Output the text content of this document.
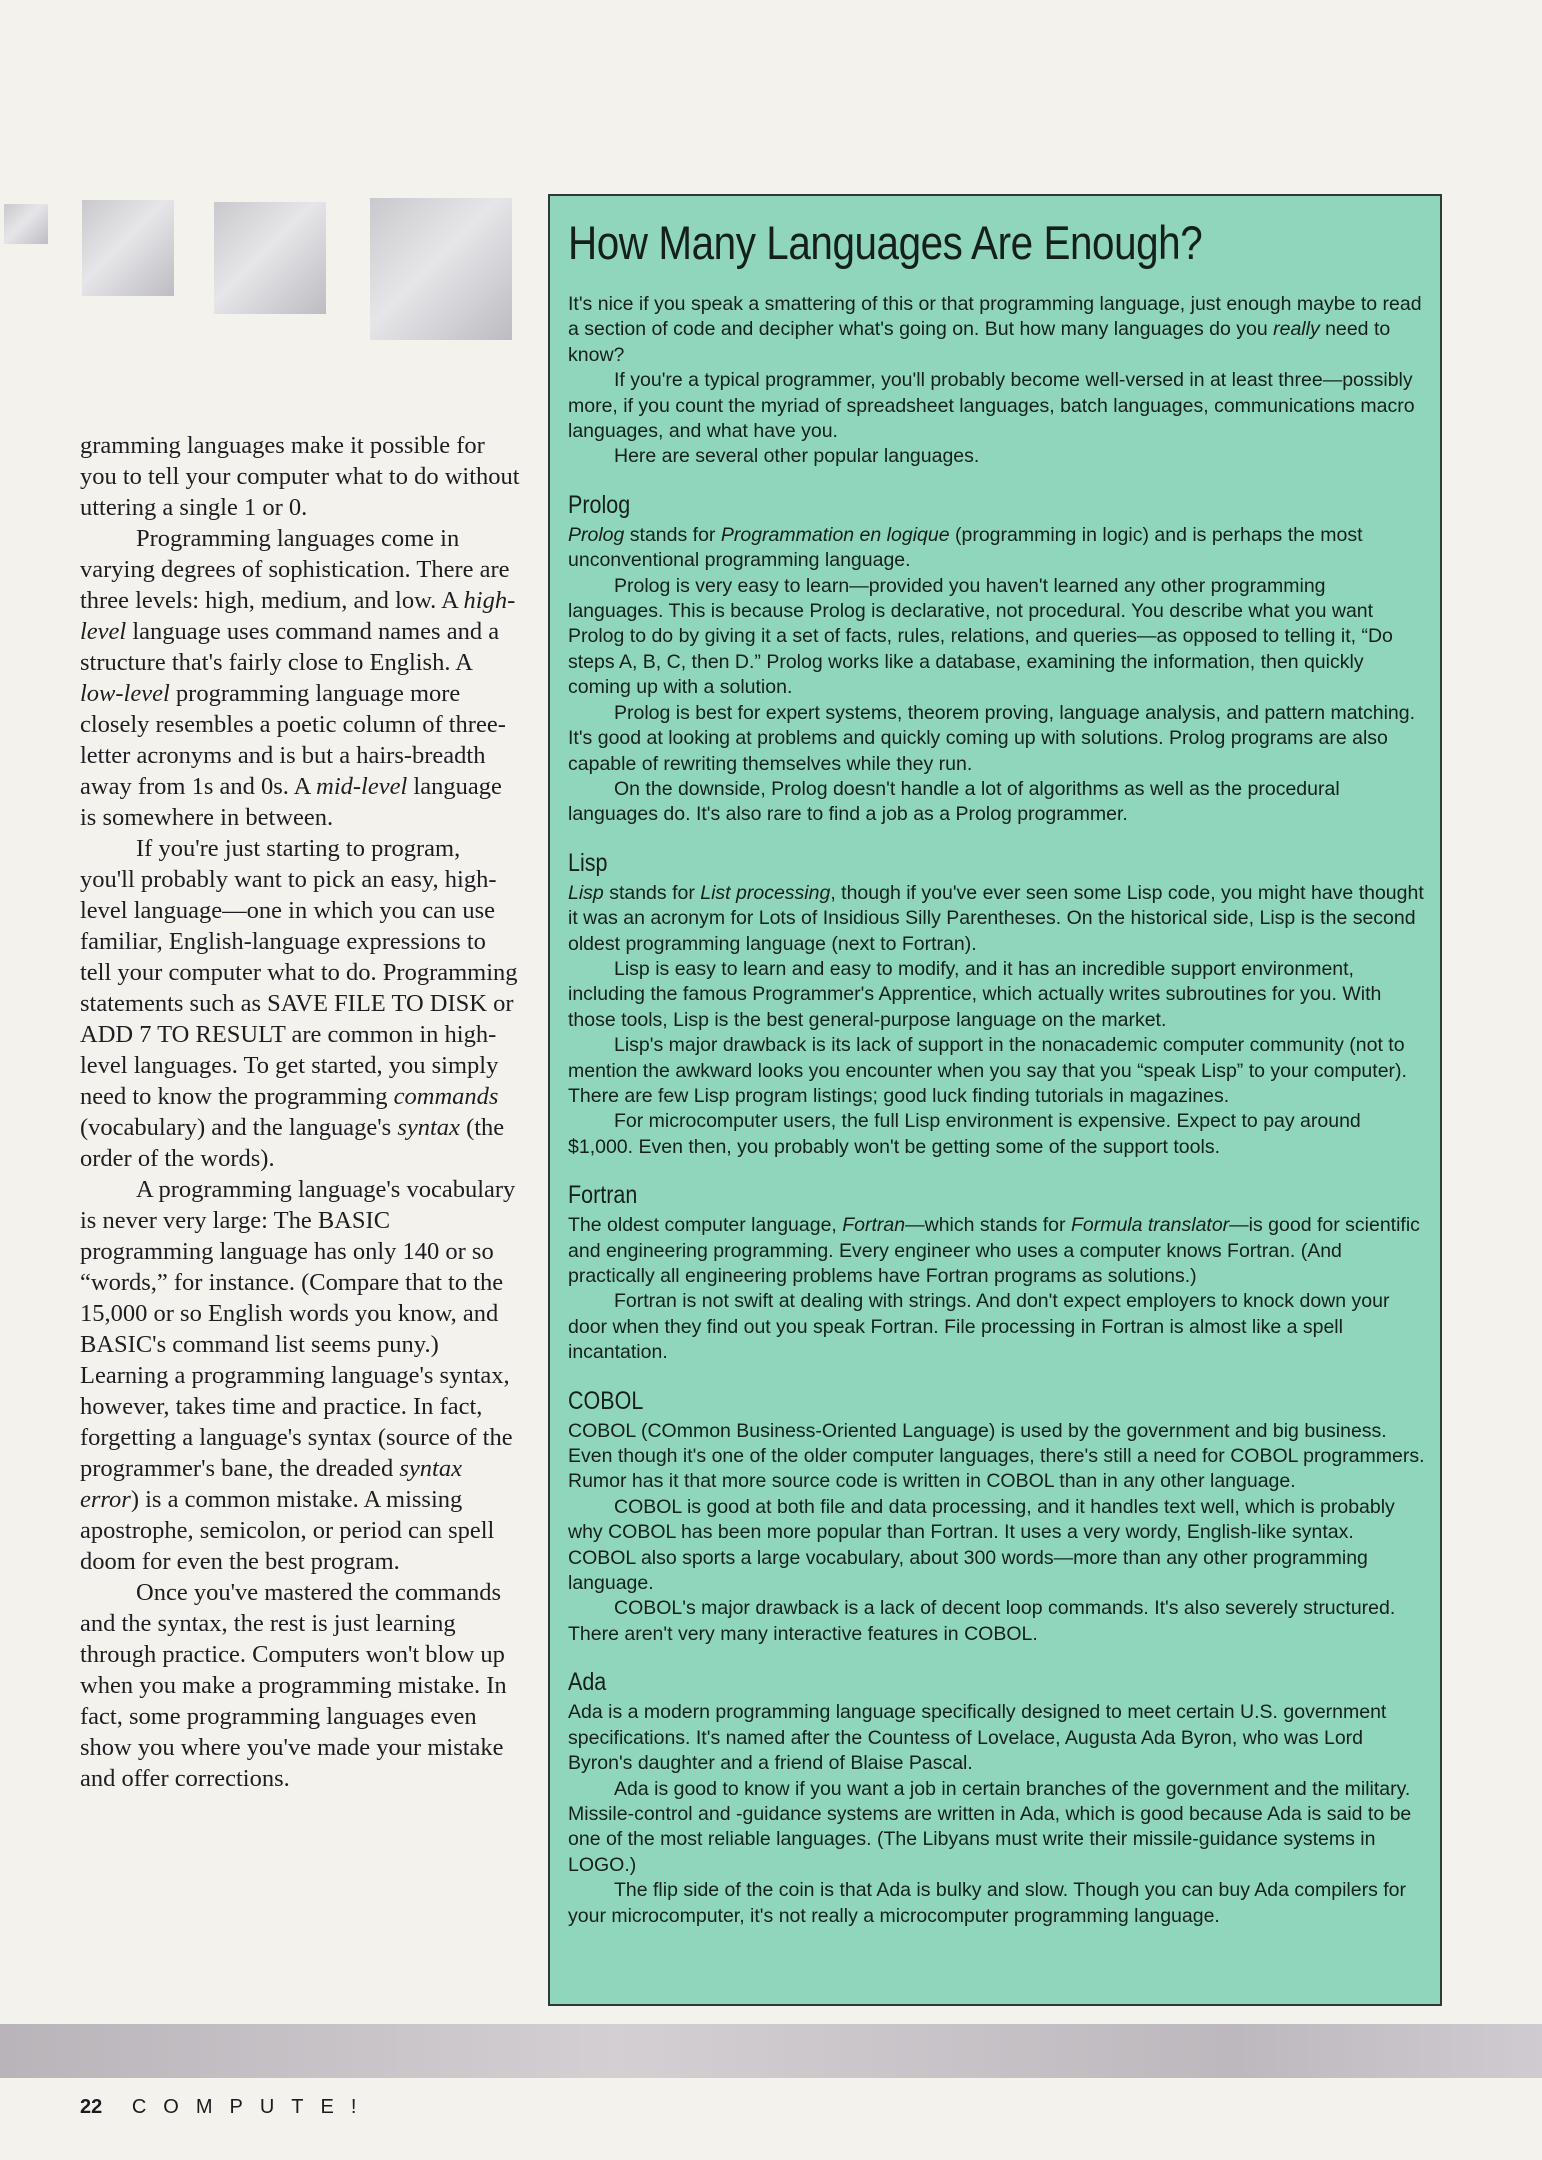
gramming languages make it possible for you to tell your computer what to do without uttering a single 1 or 0.

Programming languages come in varying degrees of sophistication. There are three levels: high, medium, and low. A high-level language uses command names and a structure that's fairly close to English. A low-level programming language more closely resembles a poetic column of three-letter acronyms and is but a hairs-breadth away from 1s and 0s. A mid-level language is somewhere in between.

If you're just starting to program, you'll probably want to pick an easy, high-level language—one in which you can use familiar, English-language expressions to tell your computer what to do. Programming statements such as SAVE FILE TO DISK or ADD 7 TO RESULT are common in high-level languages. To get started, you simply need to know the programming commands (vocabulary) and the language's syntax (the order of the words).

A programming language's vocabulary is never very large: The BASIC programming language has only 140 or so “words,” for instance. (Compare that to the 15,000 or so English words you know, and BASIC's command list seems puny.) Learning a programming language's syntax, however, takes time and practice. In fact, forgetting a language's syntax (source of the programmer's bane, the dreaded syntax error) is a common mistake. A missing apostrophe, semicolon, or period can spell doom for even the best program.

Once you've mastered the commands and the syntax, the rest is just learning through practice. Computers won't blow up when you make a programming mistake. In fact, some programming languages even show you where you've made your mistake and offer corrections.

How Many Languages Are Enough?

It's nice if you speak a smattering of this or that programming language, just enough maybe to read a section of code and decipher what's going on. But how many languages do you really need to know?

If you're a typical programmer, you'll probably become well-versed in at least three—possibly more, if you count the myriad of spreadsheet languages, batch languages, communications macro languages, and what have you.

Here are several other popular languages.

Prolog

Prolog stands for Programmation en logique (programming in logic) and is perhaps the most unconventional programming language.

Prolog is very easy to learn—provided you haven't learned any other programming languages. This is because Prolog is declarative, not procedural. You describe what you want Prolog to do by giving it a set of facts, rules, relations, and queries—as opposed to telling it, “Do steps A, B, C, then D.” Prolog works like a database, examining the information, then quickly coming up with a solution.

Prolog is best for expert systems, theorem proving, language analysis, and pattern matching. It's good at looking at problems and quickly coming up with solutions. Prolog programs are also capable of rewriting themselves while they run.

On the downside, Prolog doesn't handle a lot of algorithms as well as the procedural languages do. It's also rare to find a job as a Prolog programmer.

Lisp

Lisp stands for List processing, though if you've ever seen some Lisp code, you might have thought it was an acronym for Lots of Insidious Silly Parentheses. On the historical side, Lisp is the second oldest programming language (next to Fortran).

Lisp is easy to learn and easy to modify, and it has an incredible support environment, including the famous Programmer's Apprentice, which actually writes subroutines for you. With those tools, Lisp is the best general-purpose language on the market.

Lisp's major drawback is its lack of support in the nonacademic computer community (not to mention the awkward looks you encounter when you say that you “speak Lisp” to your computer). There are few Lisp program listings; good luck finding tutorials in magazines.

For microcomputer users, the full Lisp environment is expensive. Expect to pay around $1,000. Even then, you probably won't be getting some of the support tools.

Fortran

The oldest computer language, Fortran—which stands for Formula translator—is good for scientific and engineering programming. Every engineer who uses a computer knows Fortran. (And practically all engineering problems have Fortran programs as solutions.)

Fortran is not swift at dealing with strings. And don't expect employers to knock down your door when they find out you speak Fortran. File processing in Fortran is almost like a spell incantation.

COBOL

COBOL (COmmon Business-Oriented Language) is used by the government and big business. Even though it's one of the older computer languages, there's still a need for COBOL programmers. Rumor has it that more source code is written in COBOL than in any other language.

COBOL is good at both file and data processing, and it handles text well, which is probably why COBOL has been more popular than Fortran. It uses a very wordy, English-like syntax. COBOL also sports a large vocabulary, about 300 words—more than any other programming language.

COBOL's major drawback is a lack of decent loop commands. It's also severely structured. There aren't very many interactive features in COBOL.

Ada

Ada is a modern programming language specifically designed to meet certain U.S. government specifications. It's named after the Countess of Lovelace, Augusta Ada Byron, who was Lord Byron's daughter and a friend of Blaise Pascal.

Ada is good to know if you want a job in certain branches of the government and the military. Missile-control and -guidance systems are written in Ada, which is good because Ada is said to be one of the most reliable languages. (The Libyans must write their missile-guidance systems in LOGO.)

The flip side of the coin is that Ada is bulky and slow. Though you can buy Ada compilers for your microcomputer, it's not really a microcomputer programming language.

22 COMPUTE!
